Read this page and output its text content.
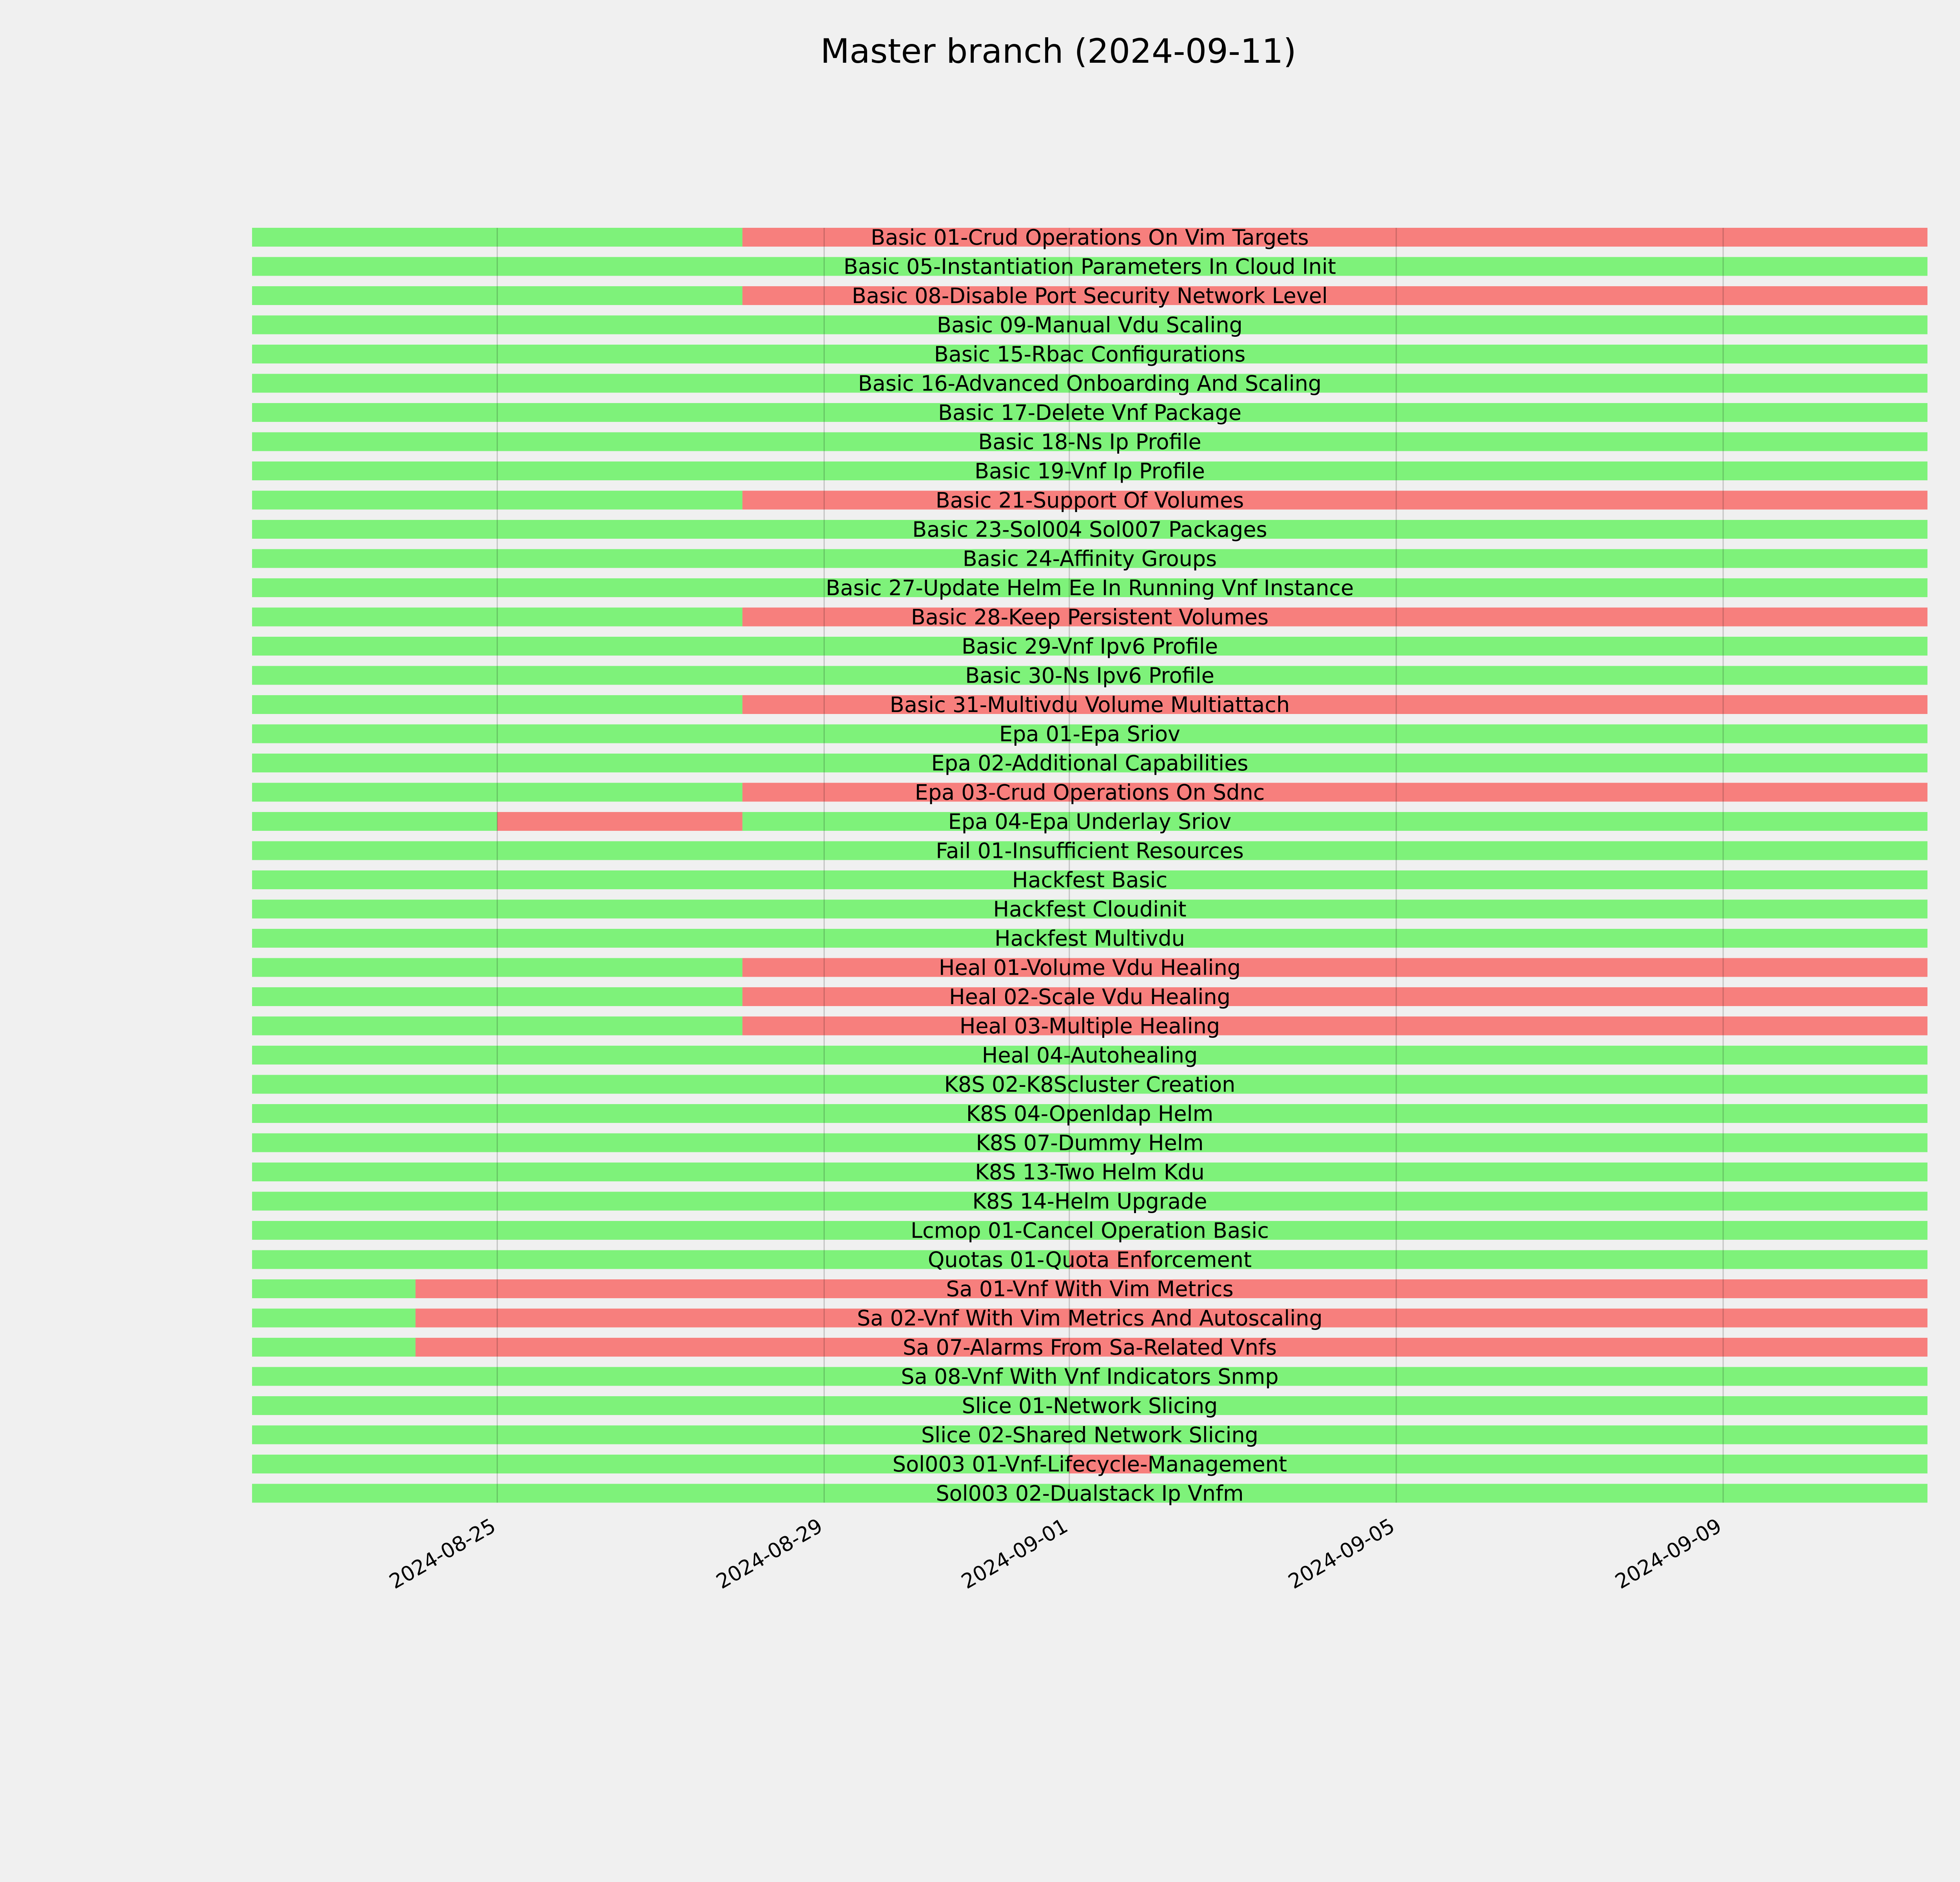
Master branch (2024-09-11)
Basic 01-Crud Operations On Vim Targets
Basic 05-Instantiation Parameters In Cloud Init
Basic 08-Disable Port Security Network Level
Basic 09-Manual Vdu Scaling
Basic 15-Rbac Configurations
Basic 16-Advanced Onboarding And Scaling
Basic 17-Delete Vnf Package
Basic 18-Ns Ip Profile
Basic 19-Vnf Ip Profile
Basic 21-Support Of Volumes
Basic 23-Sol004 Sol007 Packages
Basic 24-Affinity Groups
Basic 27-Update Helm Ee In Running Vnf Instance
Basic 28-Keep Persistent Volumes
Basic 29-Vnf Ipv6 Profile
Basic 30-Ns Ipv6 Profile
Basic 31-Multivdu Volume Multiattach
Epa 01-Epa Sriov
Epa 02-Additional Capabilities
Epa 03-Crud Operations On Sdnc
Epa 04-Epa Underlay Sriov
Fail 01-Insufficient Resources
Hackfest Basic
Hackfest Cloudinit
Hackfest Multivdu
Heal 01-Volume Vdu Healing
Heal 02-Scale Vdu Healing
Heal 03-Multiple Healing
Heal 04-Autohealing
K8S 02-K8Scluster Creation
K8S 04-Openldap Helm
K8S 07-Dummy Helm
K8S 13-Two Helm Kdu
K8S 14-Helm Upgrade
Lcmop 01-Cancel Operation Basic
Quotas 01-Quota Enforcement
Sa 01-Vnf With Vim Metrics
Sa 02-Vnf With Vim Metrics And Autoscaling
Sa 07-Alarms From Sa-Related Vnfs
Sa 08-Vnf With Vnf Indicators Snmp
Slice 01-Network Slicing
Slice 02-Shared Network Slicing
Sol003 01-Vnf-Lifecycle-Management
Sol003 02-Dualstack Ip Vnfm
2024-08-25	2024-08-29	2024-09-01	2024-09-05	2024-09-09
